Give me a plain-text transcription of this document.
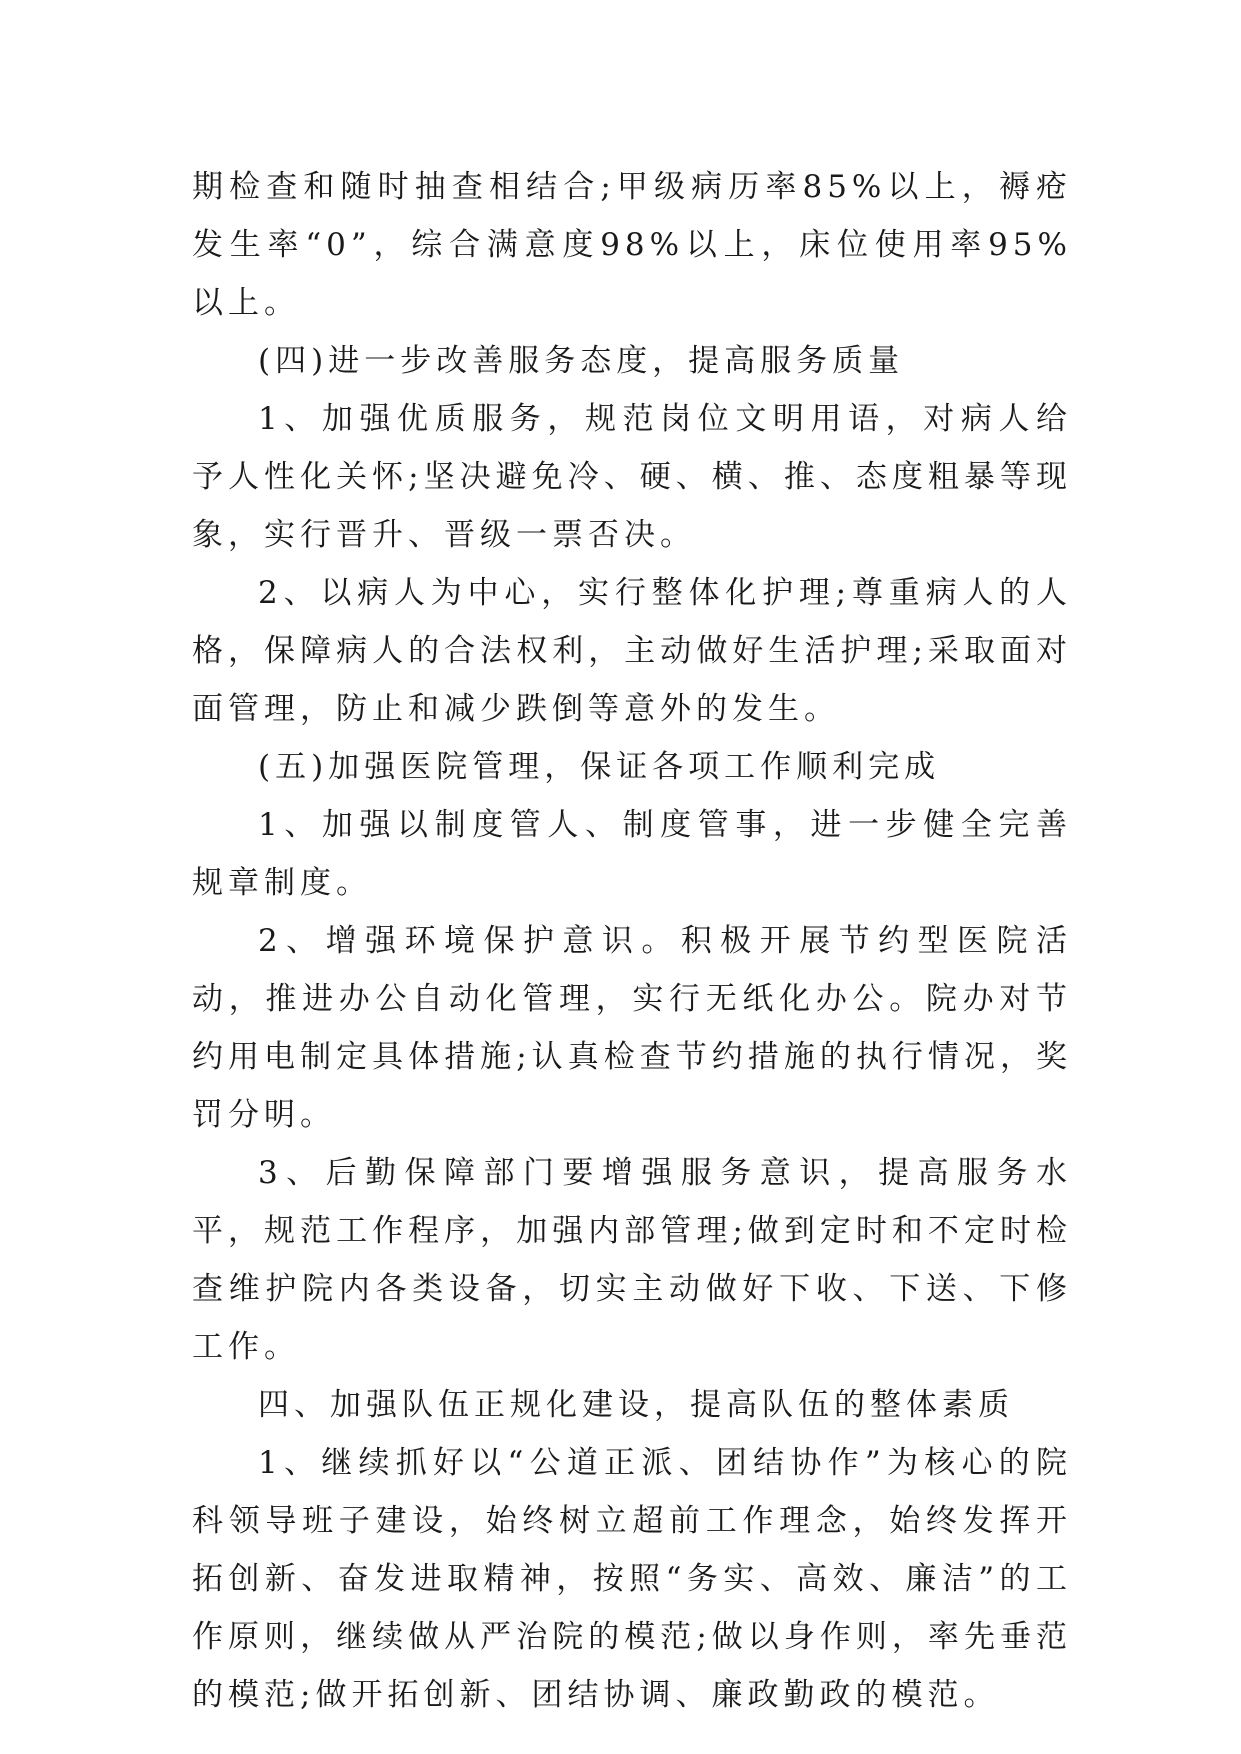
期检查和随时抽查相结合;甲级病历率85%以上，褥疮发生率“0”，综合满意度98%以上，床位使用率95%以上。

(四)进一步改善服务态度，提高服务质量

1、加强优质服务，规范岗位文明用语，对病人给予人性化关怀;坚决避免冷、硬、横、推、态度粗暴等现象，实行晋升、晋级一票否决。

2、以病人为中心，实行整体化护理;尊重病人的人格，保障病人的合法权利，主动做好生活护理;采取面对面管理，防止和减少跌倒等意外的发生。

(五)加强医院管理，保证各项工作顺利完成

1、加强以制度管人、制度管事，进一步健全完善规章制度。

2、增强环境保护意识。积极开展节约型医院活动，推进办公自动化管理，实行无纸化办公。院办对节约用电制定具体措施;认真检查节约措施的执行情况，奖罚分明。

3、后勤保障部门要增强服务意识，提高服务水平，规范工作程序，加强内部管理;做到定时和不定时检查维护院内各类设备，切实主动做好下收、下送、下修工作。

四、加强队伍正规化建设，提高队伍的整体素质

1、继续抓好以“公道正派、团结协作”为核心的院科领导班子建设，始终树立超前工作理念，始终发挥开拓创新、奋发进取精神，按照“务实、高效、廉洁”的工作原则，继续做从严治院的模范;做以身作则，率先垂范的模范;做开拓创新、团结协调、廉政勤政的模范。
